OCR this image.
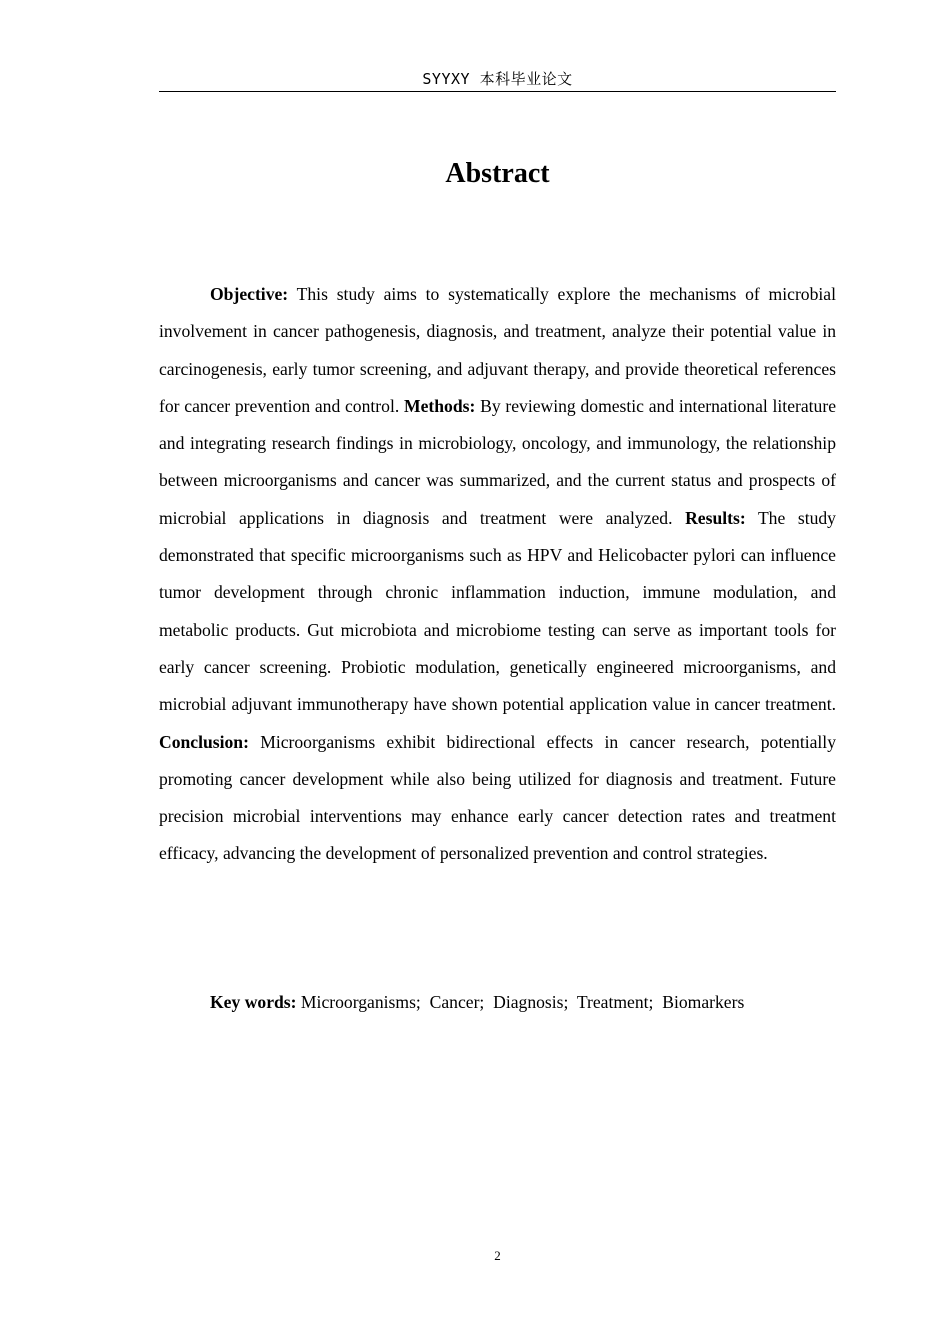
SYYXY 本科毕业论文
Abstract

Objective: This study aims to systematically explore the mechanisms of microbial involvement in cancer pathogenesis, diagnosis, and treatment, analyze their potential value in carcinogenesis, early tumor screening, and adjuvant therapy, and provide theoretical references for cancer prevention and control. Methods: By reviewing domestic and international literature and integrating research findings in microbiology, oncology, and immunology, the relationship between microorganisms and cancer was summarized, and the current status and prospects of microbial applications in diagnosis and treatment were analyzed. Results: The study demonstrated that specific microorganisms such as HPV and Helicobacter pylori can influence tumor development through chronic inflammation induction, immune modulation, and metabolic products. Gut microbiota and microbiome testing can serve as important tools for early cancer screening. Probiotic modulation, genetically engineered microorganisms, and microbial adjuvant immunotherapy have shown potential application value in cancer treatment. Conclusion: Microorganisms exhibit bidirectional effects in cancer research, potentially promoting cancer development while also being utilized for diagnosis and treatment. Future precision microbial interventions may enhance early cancer detection rates and treatment efficacy, advancing the development of personalized prevention and control strategies.

Key words: Microorganisms; Cancer; Diagnosis; Treatment; Biomarkers

2
